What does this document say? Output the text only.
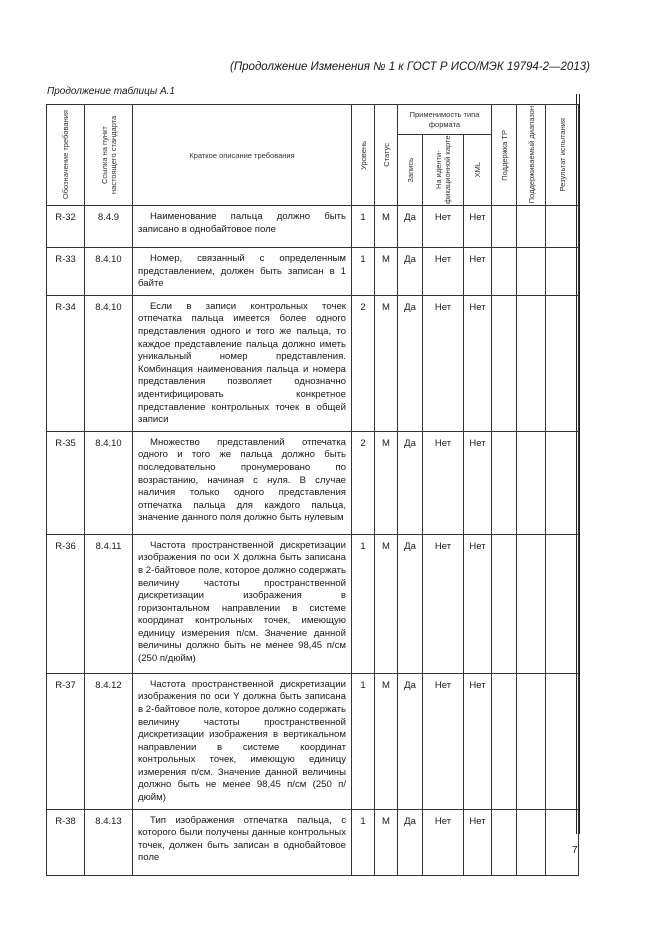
(Продолжение Изменения № 1 к ГОСТ Р ИСО/МЭК 19794-2—2013)
Продолжение таблицы А.1
Обозначение требования	Ссылка на пункт настоящего стандарта	Краткое описание требования	Уровень	Статус	Применимость типа формата			Поддержка ТР	Поддерживаемый диапазон	Результат испытания

					Запись	На иденти-фикационной карте	XML			

R-32	8.4.9	Наименование пальца должно быть записано в однобайтовое поле	1	М	Да	Нет	Нет			
R-33	8.4.10	Номер, связанный с определенным представлением, должен быть записан в 1 байте	1	М	Да	Нет	Нет			
R-34	8.4.10	Если в записи контрольных точек отпечатка пальца имеется более одного представления одного и того же пальца, то каждое представление пальца должно иметь уникальный номер представления. Комбинация наименования пальца и номера представления позволяет однозначно идентифицировать конкретное представление контрольных точек в общей записи	2	М	Да	Нет	Нет			
R-35	8.4.10	Множество представлений отпечатка одного и того же пальца должно быть последовательно пронумеровано по возрастанию, начиная с нуля. В случае наличия только одного представления отпечатка пальца для каждого пальца, значение данного поля должно быть нулевым	2	М	Да	Нет	Нет			
R-36	8.4.11	Частота пространственной дискретизации изображения по оси X должна быть записана в 2-байтовое поле, которое должно содержать величину частоты пространственной дискретизации изображения в горизонтальном направлении в системе координат контрольных точек, имеющую единицу измерения п/см. Значение данной величины должно быть не менее 98,45 п/см (250 п/дюйм)	1	М	Да	Нет	Нет			
R-37	8.4.12	Частота пространственной дискретизации изображения по оси Y должна быть записана в 2-байтовое поле, которое должно содержать величину частоты пространственной дискретизации изображения в вертикальном направлении в системе координат контрольных точек, имеющую единицу измерения п/см. Значение данной величины должно быть не менее 98,45 п/см (250 п/дюйм)	1	М	Да	Нет	Нет			
R-38	8.4.13	Тип изображения отпечатка пальца, с которого были получены данные контрольных точек, должен быть записан в однобайтовое поле	1	М	Да	Нет	Нет			
7
